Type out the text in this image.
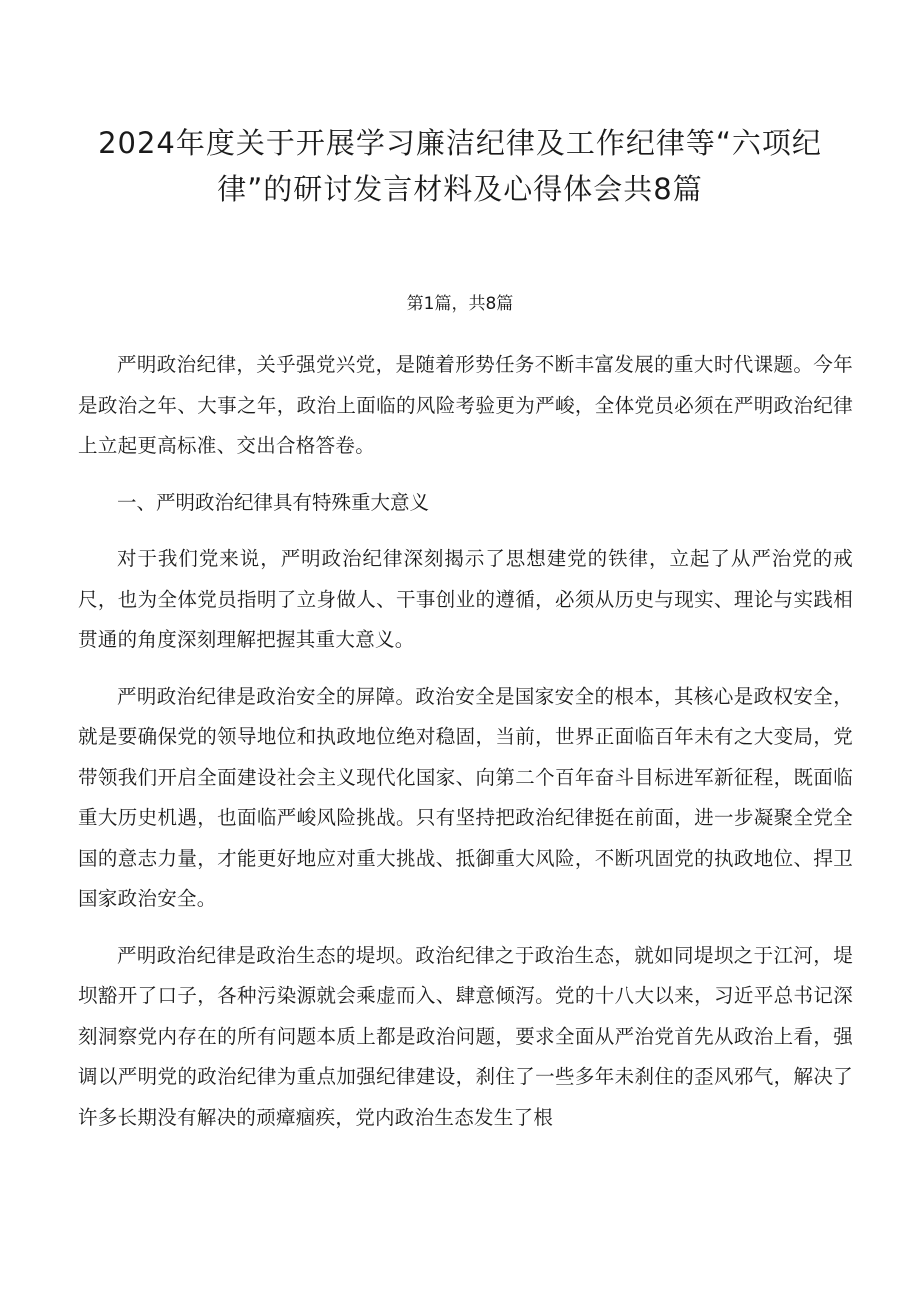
2024年度关于开展学习廉洁纪律及工作纪律等“六项纪律”的研讨发言材料及心得体会共8篇
第1篇，共8篇

严明政治纪律，关乎强党兴党，是随着形势任务不断丰富发展的重大时代课题。今年是政治之年、大事之年，政治上面临的风险考验更为严峻，全体党员必须在严明政治纪律上立起更高标准、交出合格答卷。

一、严明政治纪律具有特殊重大意义

对于我们党来说，严明政治纪律深刻揭示了思想建党的铁律，立起了从严治党的戒尺，也为全体党员指明了立身做人、干事创业的遵循，必须从历史与现实、理论与实践相贯通的角度深刻理解把握其重大意义。

严明政治纪律是政治安全的屏障。政治安全是国家安全的根本，其核心是政权安全，就是要确保党的领导地位和执政地位绝对稳固，当前，世界正面临百年未有之大变局，党带领我们开启全面建设社会主义现代化国家、向第二个百年奋斗目标进军新征程，既面临重大历史机遇，也面临严峻风险挑战。只有坚持把政治纪律挺在前面，进一步凝聚全党全国的意志力量，才能更好地应对重大挑战、抵御重大风险，不断巩固党的执政地位、捍卫国家政治安全。

严明政治纪律是政治生态的堤坝。政治纪律之于政治生态，就如同堤坝之于江河，堤坝豁开了口子，各种污染源就会乘虚而入、肆意倾泻。党的十八大以来，习近平总书记深刻洞察党内存在的所有问题本质上都是政治问题，要求全面从严治党首先从政治上看，强调以严明党的政治纪律为重点加强纪律建设，刹住了一些多年未刹住的歪风邪气，解决了许多长期没有解决的顽瘴痼疾，党内政治生态发生了根
